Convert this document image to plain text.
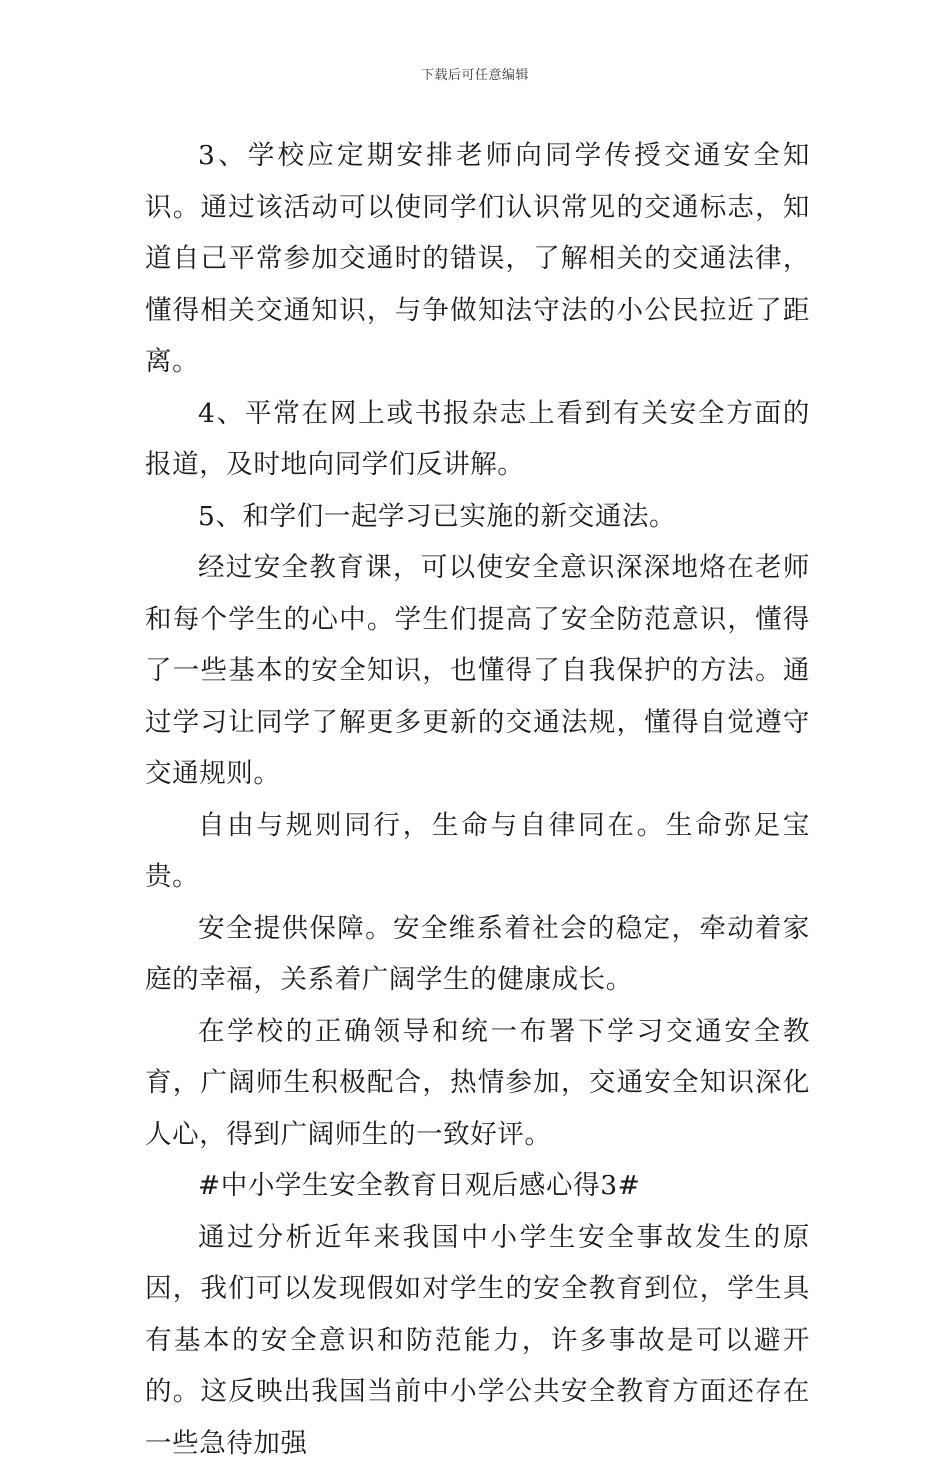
下载后可任意编辑

3、学校应定期安排老师向同学传授交通安全知识。通过该活动可以使同学们认识常见的交通标志，知道自己平常参加交通时的错误，了解相关的交通法律，懂得相关交通知识，与争做知法守法的小公民拉近了距离。

4、平常在网上或书报杂志上看到有关安全方面的报道，及时地向同学们反讲解。

5、和学们一起学习已实施的新交通法。

经过安全教育课，可以使安全意识深深地烙在老师和每个学生的心中。学生们提高了安全防范意识，懂得了一些基本的安全知识，也懂得了自我保护的方法。通过学习让同学了解更多更新的交通法规，懂得自觉遵守交通规则。

自由与规则同行，生命与自律同在。生命弥足宝贵。

安全提供保障。安全维系着社会的稳定，牵动着家庭的幸福，关系着广阔学生的健康成长。

在学校的正确领导和统一布署下学习交通安全教育，广阔师生积极配合，热情参加，交通安全知识深化人心，得到广阔师生的一致好评。

#中小学生安全教育日观后感心得3#

通过分析近年来我国中小学生安全事故发生的原因，我们可以发现假如对学生的安全教育到位，学生具有基本的安全意识和防范能力，许多事故是可以避开的。这反映出我国当前中小学公共安全教育方面还存在一些急待加强
